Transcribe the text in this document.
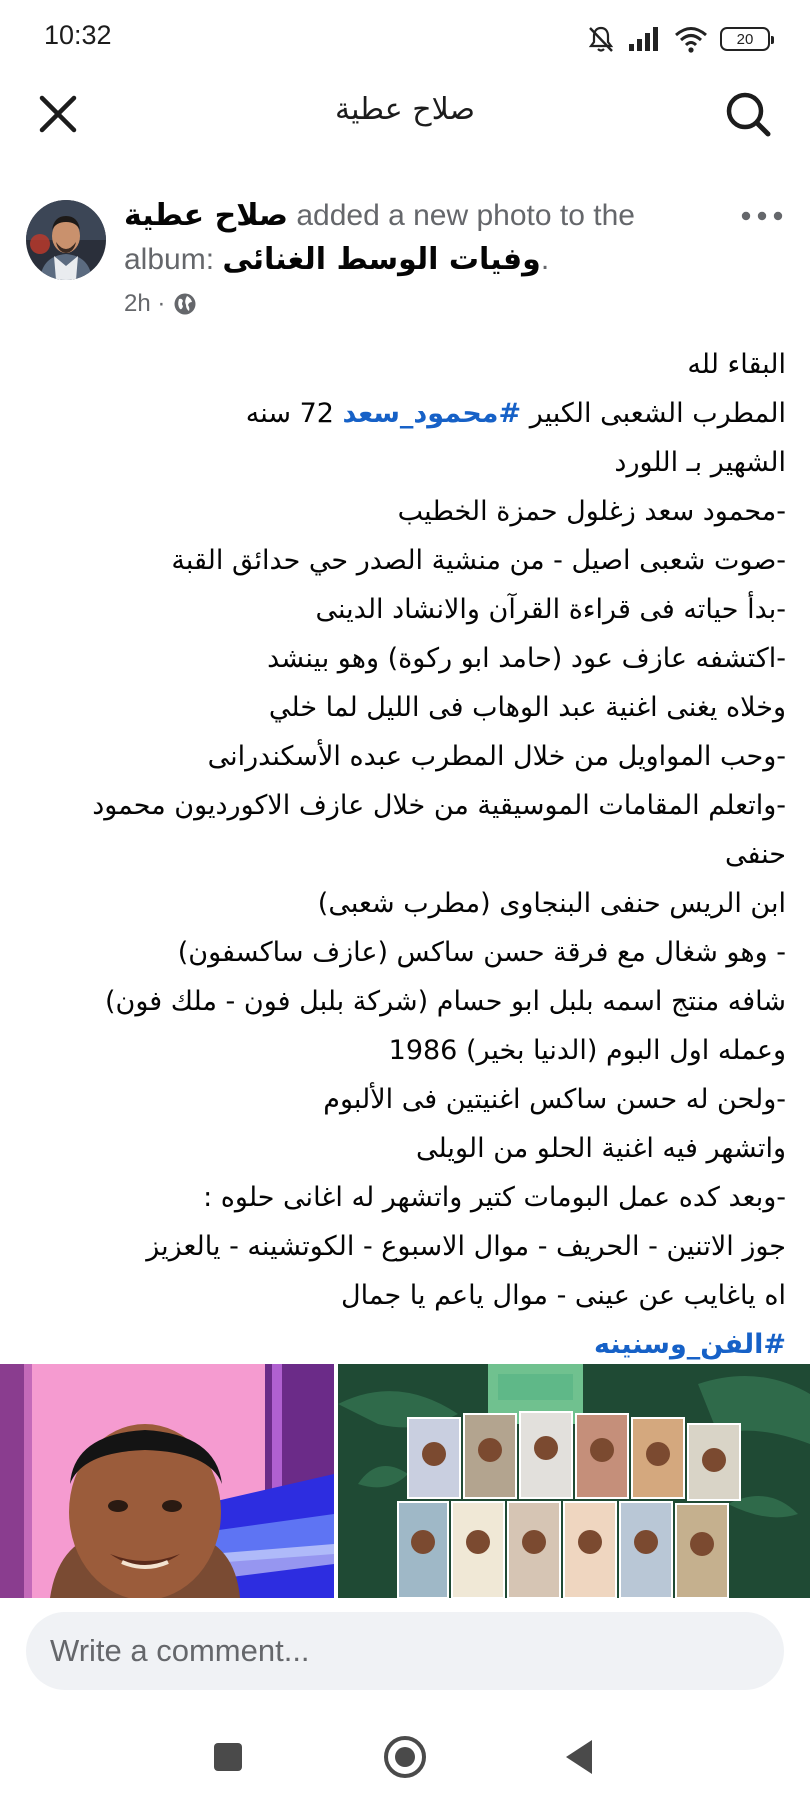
10:32	20
صلاح عطية
صلاح عطية added a new photo to the album: وفيات الوسط الغنائى.
2h ·
البقاء لله
المطرب الشعبى الكبير #محمود_سعد 72 سنه
الشهير بـ اللورد
-محمود سعد زغلول حمزة الخطيب
-صوت شعبى اصيل - من منشية الصدر حي حدائق القبة
-بدأ حياته فى قراءة القرآن والانشاد الدينى
-اكتشفه عازف عود (حامد ابو ركوة) وهو بينشد
وخلاه يغنى اغنية عبد الوهاب فى الليل لما خلي
-وحب المواويل من خلال المطرب عبده الأسكندرانى
-واتعلم المقامات الموسيقية من خلال عازف الاكورديون محمود
حنفى
ابن الريس حنفى البنجاوى (مطرب شعبى)
- وهو شغال مع فرقة حسن ساكس (عازف ساكسفون)
شافه منتج اسمه بلبل ابو حسام (شركة بلبل فون - ملك فون)
وعمله اول البوم (الدنيا بخير) 1986
-ولحن له حسن ساكس اغنيتين فى الألبوم
واتشهر فيه اغنية الحلو من الويلى
-وبعد كده عمل البومات كتير واتشهر له اغانى حلوه :
جوز الاتنين - الحريف - موال الاسبوع - الكوتشينه - يالعزيز
اه ياغايب عن عينى - موال ياعم يا جمال
#الفن_وسنينه
Write a comment...
